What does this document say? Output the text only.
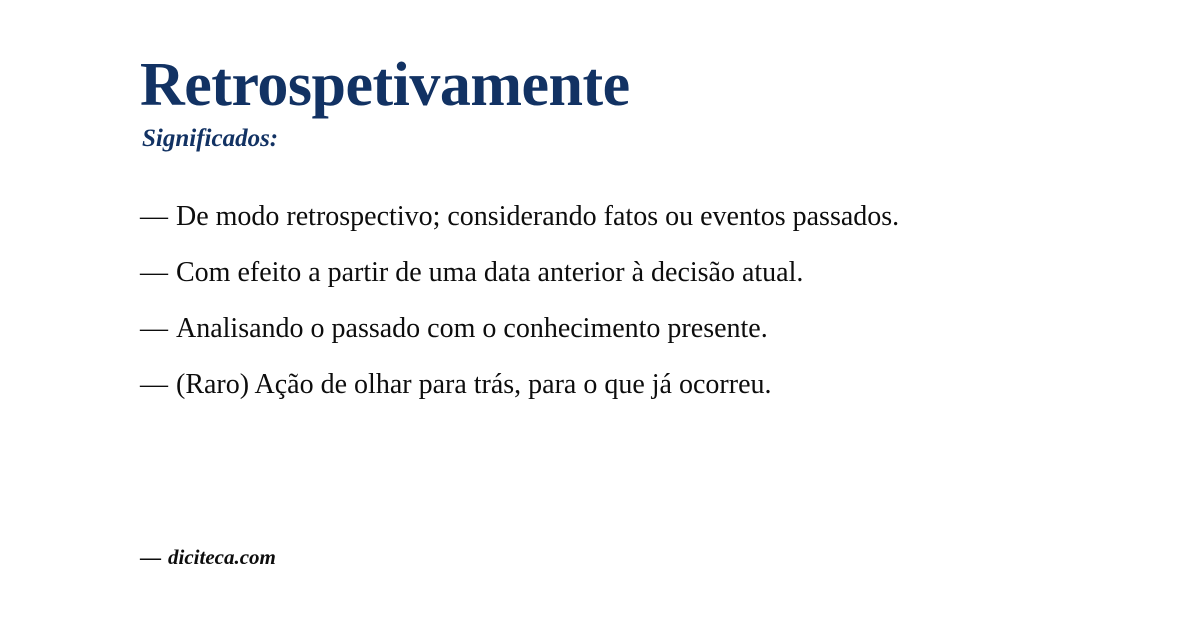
Retrospetivamente
Significados:

— De modo retrospectivo; considerando fatos ou eventos passados.

— Com efeito a partir de uma data anterior à decisão atual.

— Analisando o passado com o conhecimento presente.

— (Raro) Ação de olhar para trás, para o que já ocorreu.

— diciteca.com
